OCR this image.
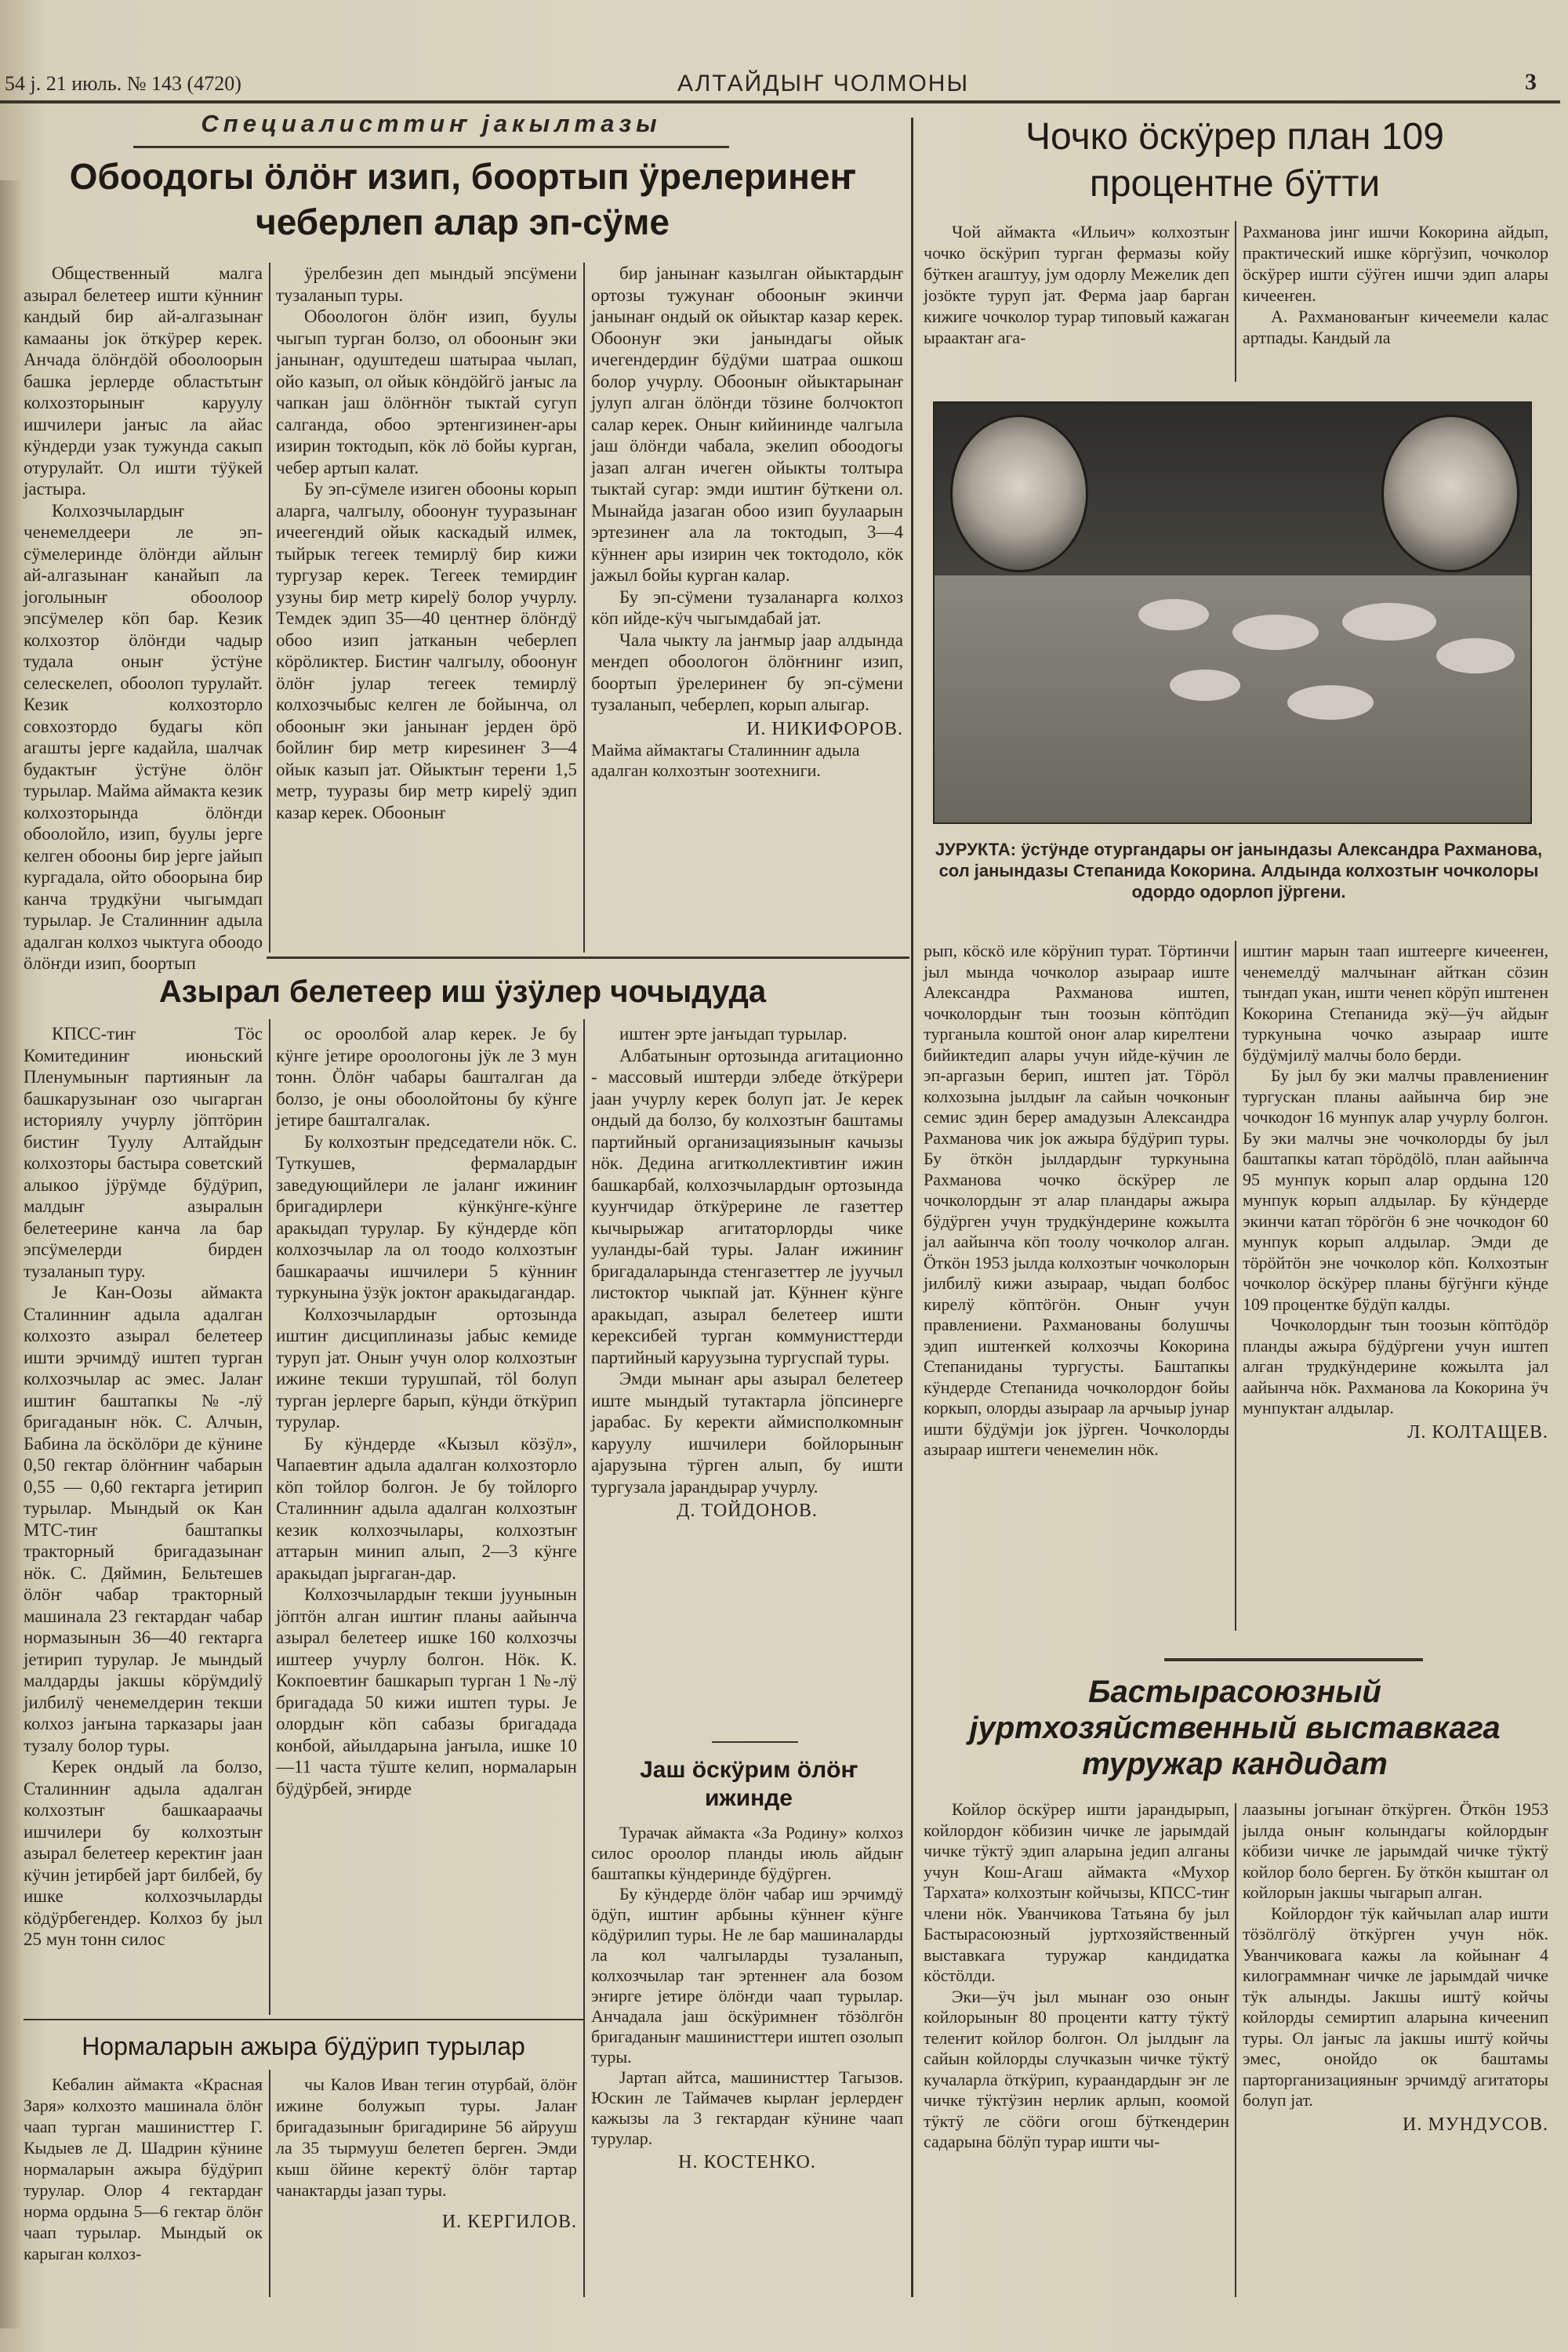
54 ј. 21 июль. № 143 (4720)	АЛТАЙДЫҤ ЧОЛМОНЫ	3
Специалисттиҥ јакылтазы
Обоодогы ӧлӧҥ изип, боортып ӱрелеринеҥ
чеберлеп алар эп-сӱме

Общественный малга азырал белетеер ишти кӱнниҥ кандый бир ай-алгазынаҥ камааны јок ӧткӱрер керек. Анчада ӧлӧҥдӧй обоолоорын башка јерлерде областьтыҥ колхозторыныҥ каруулу ишчилери јаҥыс ла айас кӱндерди узак тужунда сакып отурулайт. Ол ишти тӱӱкей јастыра.

Колхозчылардыҥ ченемелдеери ле эп-сӱмелеринде ӧлӧҥди айлыҥ ай-алгазынаҥ канайып ла јоголыныҥ обоолоор эпсӱмелер кӧп бар. Кезик колхозтор ӧлӧҥди чадыр тудала оныҥ ӱстӱне селескелеп, обоолоп турулайт. Кезик колхозторло совхозтордо будагы кӧп агашты јерге кадайла, шалчак будактыҥ ӱстӱне ӧлӧҥ турылар. Майма аймакта кезик колхозторында ӧлӧҥди обоолойло, изип, буулы јерге келген обооны бир јерге јайып кургадала, ойто обоорына бир канча трудкӱни чыгымдап турылар. Је Сталинниҥ адыла адалган колхоз чыктуга обоодо ӧлӧҥди изип, боортып

ӱрелбезин деп мындый эпсӱмени тузаланып туры.

Обоологон ӧлӧҥ изип, буулы чыгып турган болзо, ол обооныҥ эки јанынаҥ, одуштедеш шатыраа чылап, ойо казып, ол ойык кӧндӧйгӧ јаҥыс ла чапкан јаш ӧлӧҥнӧҥ тыктай сугуп салганда, обоо эртенгизинеҥ-ары изирин токтодып, кӧк лӧ бойы курган, чебер артып калат.

Бу эп-сӱмеле изиген обооны корып аларга, чалгылу, обоонуҥ тууразынаҥ ичеегендий ойык каскадый илмек, тыйрык тегеек темирлӱ бир кижи тургузар керек. Тегеек темирдиҥ узуны бир метр киреlӱ болор учурлу. Темдек эдип 35—40 центнер ӧлӧҥдӱ обоо изип јатканын чеберлеп кӧрӧликтер. Бистиҥ чалгылу, обоонуҥ ӧлӧҥ јулар тегеек темирлӱ колхозчыбыс келген ле бойынча, ол обооныҥ эки јанынаҥ јерден ӧрӧ бойлиҥ бир метр киреsинеҥ 3—4 ойык казып јат. Ойыктыҥ тереҥи 1,5 метр, тууразы бир метр киреlӱ эдип казар керек. Обооныҥ

бир јанынаҥ казылган ойыктардыҥ ортозы тужунаҥ обооныҥ экинчи јанынаҥ ондый ок ойыктар казар керек. Обоонуҥ эки јанындагы ойык ичегендердиҥ бӱдӱми шатраа ошкош болор учурлу. Обооныҥ ойыктарынаҥ јулуп алган ӧлӧҥди тӧзине болчоктоп салар керек. Оныҥ кийининде чалгыла јаш ӧлӧҥди чабала, экелип обоодогы јазап алган ичеген ойыкты толтыра тыктай сугар: эмди иштиҥ бӱткени ол. Мынайда јазаган обоо изип буулаарын эртезинеҥ ала ла токтодып, 3—4 кӱннеҥ ары изирин чек токтодоло, кӧк јажыл бойы курган калар.

Бу эп-сӱмени тузаланарга колхоз кӧп ийде-кӱч чыгымдабай јат.

Чала чыкту ла јаҥмыр јаар алдында меҥдеп обоологон ӧлӧҥнинг изип, боортып ӱрелеринеҥ бу эп-сӱмени тузаланып, чеберлеп, корып алыгар.

И. НИКИФОРОВ.
Майма аймактагы Сталинниҥ адыла адалган колхозтыҥ зоотехниги.
Азырал белетеер иш ӱзӱлер чочыдуда

КПСС-тиҥ Тӧс Комитединиҥ июньский Пленумыныҥ партияныҥ ла башкарузынаҥ озо чыгарган историялу учурлу јӧптӧрин бистиҥ Туулу Алтайдыҥ колхозторы бастыра советский алыкоо јӱрӱмде бӱдӱрип, малдыҥ азыралын белетеерине канча ла бар эпсӱмелерди бирден тузаланып туру.

Је Кан-Оозы аймакта Сталинниҥ адыла адалган колхозто азырал белетеер ишти эрчимдӱ иштеп турган колхозчылар ас эмес. Јалаҥ иштиҥ баштапкы №-лӱ бригаданыҥ нӧк. С. Алчын, Бабина ла ӧскӧлӧри де кӱнине 0,50 гектар ӧлӧҥниҥ чабарын 0,55 — 0,60 гектарга јетирип турылар. Мындый ок Кан МТС-тиҥ баштапкы тракторный бригадазынаҥ нӧк. С. Дяймин, Бельтешев ӧлӧҥ чабар тракторный машинала 23 гектардаҥ чабар нормазынын 36—40 гектарга јетирип турулар. Је мындый малдарды јакшы кӧрӱмдиlӱ јилбилӱ ченемелдерин текши колхоз јаҥына тарказары јаан тузалу болор туры.

Керек ондый ла болзо, Сталинниҥ адыла адалган колхозтыҥ башкаараачы ишчилери бу колхозтыҥ азырал белетеер керектиҥ јаан кӱчин јетирбей јарт билбей, бу ишке колхозчыларды кӧдӱрбегендер. Колхоз бу јыл 25 мун тонн силос

ос ороолбой алар керек. Је бу кӱнге јетире ороологоны јӱк ле 3 мун тонн. Ӧлӧҥ чабары башталган да болзо, је оны обоолойтоны бу кӱнге јетире башталгалак.

Бу колхозтыҥ председатели нӧк. С. Туткушев, фермалардыҥ заведующийлери ле јаланг ижиниҥ бригадирлери кӱнкӱнге-кӱнге аракыдап турулар. Бу кӱндерде кӧп колхозчылар ла ол тоодо колхозтыҥ башкараачы ишчилери 5 кӱнниҥ туркунына ӱзӱк јоктоҥ аракыдагандар.

Колхозчылардыҥ ортозында иштиҥ дисциплиназы јабыс кемиде туруп јат. Оныҥ учун олор колхозтыҥ ижине текши турушпай, тӧl болуп турган јерлерге барып, кӱнди ӧткӱрип турулар.

Бу кӱндерде «Кызыл кӧзӱл», Чапаевтиҥ адыла адалган колхозторло кӧп тойлор болгон. Је бу тойлорго Сталинниҥ адыла адалган колхозтыҥ кезик колхозчылары, колхозтыҥ аттарын минип алып, 2—3 кӱнге аракыдап јыргаган-дар.

Колхозчылардыҥ текши јуунынын јӧптӧн алган иштиҥ планы аайынча азырал белетеер ишке 160 колхозчы иштеер учурлу болгон. Нӧк. К. Кокпоевтиҥ башкарып турган 1 №-лӱ бригадада 50 кижи иштеп туры. Је олордыҥ кӧп сабазы бригадада конбой, айылдарына јаҥыла, ишке 10—11 часта тӱште келип, нормаларын бӱдӱрбей, эҥирде

иштеҥ эрте јаҥыдап турылар.

Албатыныҥ ортозында агитационно - массовый иштерди элбеде ӧткӱрери јаан учурлу керек болуп јат. Је керек ондый да болзо, бу колхозтыҥ баштамы партийный организациязыныҥ качызы нӧк. Дедина агитколлективтиҥ ижин башкарбай, колхозчылардыҥ ортозында кууҥчидар ӧткӱрерине ле газеттер кычырыжар агитаторлорды чике ууланды-бай туры. Јалаҥ ижиниҥ бригадаларында стенгазеттер ле јуучыл листоктор чыкпай јат. Кӱннеҥ кӱнге аракыдап, азырал белетеер ишти керексибей турган коммунисттерди партийный каруузына тургуспай туры.

Эмди мынаҥ ары азырал белетеер иште мындый тутактарла јӧпсинерге јарабас. Бу керекти аймисполкомныҥ каруулу ишчилери бойлорыныҥ ајарузына тӱрген алып, бу ишти тургузала јарандырар учурлу.

Д. ТОЙДОНОВ.
Јаш ӧскӱрим ӧлӧҥ
ижинде

Турачак аймакта «За Родину» колхоз силос ороолор планды июль айдыҥ баштапкы кӱндеринде бӱдӱрген.

Бу кӱндерде ӧлӧҥ чабар иш эрчимдӱ ӧдӱп, иштиҥ арбыны кӱннеҥ кӱнге кӧдӱрилип туры. Не ле бар машиналарды ла кол чалгыларды тузаланып, колхозчылар таҥ эртеннеҥ ала бозом эҥирге јетире ӧлӧҥди чаап турылар. Анчадала јаш ӧскӱримнеҥ тӧзӧлгӧн бригаданыҥ машинисттери иштеп озолып туры.

Јартап айтса, машинисттер Тагызов. Юскин ле Таймачев кырлаҥ јерлердеҥ кажызы ла 3 гектардаҥ кӱнине чаап турулар.

Н. КОСТЕНКО.
Нормаларын ажыра бӱдӱрип турылар

Кебалин аймакта «Красная Заря» колхозто машинала ӧлӧҥ чаап турган машинисттер Г. Кыдыев ле Д. Шадрин кӱнине нормаларын ажыра бӱдӱрип турулар. Олор 4 гектардаҥ норма ордына 5—6 гектар ӧлӧҥ чаап турылар. Мындый ок карыган колхоз-

чы Калов Иван тегин отурбай, ӧлӧҥ ижине болужып туры. Јалаҥ бригадазыныҥ бригадирине 56 айрууш ла 35 тырмууш белетеп берген. Эмди кыш ӧйине керектӱ ӧлӧҥ тартар чанактарды јазап туры.

И. КЕРГИЛОВ.
Чочко ӧскӱрер план 109
процентне бӱтти

Чой аймакта «Ильич» колхозтыҥ чочко ӧскӱрип турган фермазы койу бӱткен агаштуу, јум одорлу Межелик деп јозӧкте туруп јат. Ферма јаар барган кижиге чочколор турар типовый кажаган ыраактаҥ ага-

Рахманова јинг ишчи Кокорина айдып, практический ишке кӧргӱзип, чочколор ӧскӱрер ишти сӱӱген ишчи эдип алары кичееҥен.

А. Рахмановаҥыҥ кичеемели калас артпады. Кандый ла

ЈУРУКТА: ӱстӱнде отургандары оҥ јанындазы Александра Рахманова, сол јанындазы Степанида Кокорина. Алдында колхозтыҥ чочколоры одордо одорлоп јӱргени.

рып, кӧскӧ иле кӧрӱнип турат. Тӧртинчи јыл мында чочколор азыраар иште Александра Рахманова иштеп, чочколордыҥ тын тоозын кӧптӧдип турганыла коштой оноҥ алар кирелтени бийиктедип алары учун ийде-кӱчин ле эп-аргазын берип, иштеп јат. Тӧрӧл колхозына јылдыҥ ла сайын чочконыҥ семис эдин берер амадузын Александра Рахманова чик јок ажыра бӱдӱрип туры. Бу ӧткӧн јылдардыҥ туркунына Рахманова чочко ӧскӱрер ле чочколордыҥ эт алар пландары ажыра бӱдӱрген учун трудкӱндерине кожылта јал аайынча кӧп тоолу чочколор алган. Ӧткӧн 1953 јылда колхозтыҥ чочколорын јилбилӱ кижи азыраар, чыдап болбос кирелӱ кӧптӧгӧн. Оныҥ учун правлениени. Рахманованы болушчы эдип иштеҥкей колхозчы Кокорина Степаниданы тургусты. Баштапкы кӱндерде Степанида чочколордоҥ бойы коркып, олорды азыраар ла арчыыр јунар ишти бӱдӱмји јок јӱрген. Чочколорды азыраар иштеги ченемелин нӧк.

иштиҥ марын таап иштеерге кичееҥен, ченемелдӱ малчынаҥ айткан сӧзин тыҥдап укан, ишти ченеп кӧрӱп иштенен Кокорина Степанида экӱ—ӱч айдыҥ туркунына чочко азыраар иште бӱдӱмјилӱ малчы боло берди.

Бу јыл бу эки малчы правлениениҥ тургускан планы аайынча бир эне чочкодоҥ 16 мунпук алар учурлу болгон. Бу эки малчы эне чочколорды бу јыл баштапкы катап тӧрӧдӧlӧ, план аайынча 95 мунпук корып алар ордына 120 мунпук корып алдылар. Бу кӱндерде экинчи катап тӧрӧгӧн 6 эне чочкодоҥ 60 мунпук корып алдылар. Эмди де тӧрӧйтӧн эне чочколор кӧп. Колхозтыҥ чочколор ӧскӱрер планы бӱгӱнги кӱнде 109 процентке бӱдӱп калды.

Чочколордыҥ тын тоозын кӧптӧдӧр планды ажыра бӱдӱргени учун иштеп алган трудкӱндерине кожылта јал аайынча нӧк. Рахманова ла Кокорина ӱч мунпуктаҥ алдылар.

Л. КОЛТАЩЕВ.
Бастырасоюзный
јуртхозяйственный выставкага
туружар кандидат

Койлор ӧскӱрер ишти јарандырып, койлордоҥ кӧбизин чичке ле јарымдай чичке тӱктӱ эдип аларына једип алганы учун Кош-Агаш аймакта «Мухор Тархата» колхозтыҥ койчызы, КПСС-тиҥ члени нӧк. Уванчикова Татьяна бу јыл Бастырасоюзный јуртхозяйственный выставкага туружар кандидатка кӧстӧлди.

Эки—ӱч јыл мынаҥ озо оныҥ койлорыныҥ 80 проценти катту тӱктӱ телеҥит койлор болгон. Ол јылдыҥ ла сайын койлорды случказын чичке тӱктӱ кучаларла ӧткӱрип, кураандардыҥ эҥ ле чичке тӱктӱзин нерлик арлып, коомой тӱктӱ ле сӧӧги огош бӱткендерин садарына бӧлӱп турар ишти чы-

лаазыны јогынаҥ ӧткӱрген. Ӧткӧн 1953 јылда оныҥ колындагы койлордыҥ кӧбизи чичке ле јарымдай чичке тӱктӱ койлор боло берген. Бу ӧткӧн кыштаҥ ол койлорын јакшы чыгарып алган.

Койлордоҥ тӱк кайчылап алар ишти тӧзӧлгӧлӱ ӧткӱрген учун нӧк. Уванчиковага кажы ла койынаҥ 4 килограммнаҥ чичке ле јарымдай чичке тӱк алынды. Јакшы иштӱ койчы койлорды семиртип аларына кичеенип туры. Ол јаҥыс ла јакшы иштӱ койчы эмес, онойдо ок баштамы парторганизацияныҥ эрчимдӱ агитаторы болуп јат.

И. МУНДУСОВ.
